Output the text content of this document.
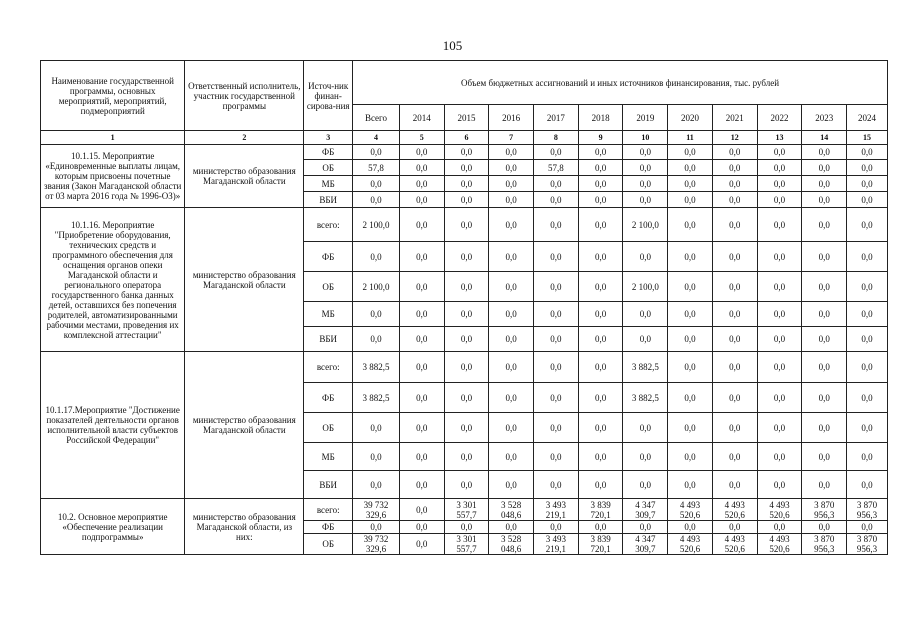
105
Наименование государственной программы, основных мероприятий, мероприятий, подмероприятий	Ответственный исполнитель, участник государственной программы	Источ-ник финан-сирова-ния	Объем бюджетных ассигнований и иных источников финансирования, тыс. рублей											
			Всего	2014	2015	2016	2017	2018	2019	2020	2021	2022	2023	2024
1	2	3	4	5	6	7	8	9	10	11	12	13	14	15
10.1.15. Мероприятие «Единовременные выплаты лицам, которым присвоены почетные звания (Закон Магаданской области от 03 марта 2016 года № 1996-ОЗ)»	министерство образования Магаданской области	ФБ	0,0	0,0	0,0	0,0	0,0	0,0	0,0	0,0	0,0	0,0	0,0	0,0
		ОБ	57,8	0,0	0,0	0,0	57,8	0,0	0,0	0,0	0,0	0,0	0,0	0,0
		МБ	0,0	0,0	0,0	0,0	0,0	0,0	0,0	0,0	0,0	0,0	0,0	0,0
		ВБИ	0,0	0,0	0,0	0,0	0,0	0,0	0,0	0,0	0,0	0,0	0,0	0,0
10.1.16. Мероприятие "Приобретение оборудования, технических средств и программного обеспечения для оснащения органов опеки Магаданской области и регионального оператора государственного банка данных детей, оставшихся без попечения родителей, автоматизированными рабочими местами, проведения их комплексной аттестации"	министерство образования Магаданской области	всего:	2 100,0	0,0	0,0	0,0	0,0	0,0	2 100,0	0,0	0,0	0,0	0,0	0,0
		ФБ	0,0	0,0	0,0	0,0	0,0	0,0	0,0	0,0	0,0	0,0	0,0	0,0
		ОБ	2 100,0	0,0	0,0	0,0	0,0	0,0	2 100,0	0,0	0,0	0,0	0,0	0,0
		МБ	0,0	0,0	0,0	0,0	0,0	0,0	0,0	0,0	0,0	0,0	0,0	0,0
		ВБИ	0,0	0,0	0,0	0,0	0,0	0,0	0,0	0,0	0,0	0,0	0,0	0,0
10.1.17.Мероприятие "Достижение показателей деятельности органов исполнительной власти субъектов Российской Федерации"	министерство образования Магаданской области	всего:	3 882,5	0,0	0,0	0,0	0,0	0,0	3 882,5	0,0	0,0	0,0	0,0	0,0
		ФБ	3 882,5	0,0	0,0	0,0	0,0	0,0	3 882,5	0,0	0,0	0,0	0,0	0,0
		ОБ	0,0	0,0	0,0	0,0	0,0	0,0	0,0	0,0	0,0	0,0	0,0	0,0
		МБ	0,0	0,0	0,0	0,0	0,0	0,0	0,0	0,0	0,0	0,0	0,0	0,0
		ВБИ	0,0	0,0	0,0	0,0	0,0	0,0	0,0	0,0	0,0	0,0	0,0	0,0
10.2. Основное мероприятие «Обеспечение реализации подпрограммы»	министерство образования Магаданской области, из них:	всего:	39 732 329,6	0,0	3 301 557,7	3 528 048,6	3 493 219,1	3 839 720,1	4 347 309,7	4 493 520,6	4 493 520,6	4 493 520,6	3 870 956,3	3 870 956,3
		ФБ	0,0	0,0	0,0	0,0	0,0	0,0	0,0	0,0	0,0	0,0	0,0	0,0
		ОБ	39 732 329,6	0,0	3 301 557,7	3 528 048,6	3 493 219,1	3 839 720,1	4 347 309,7	4 493 520,6	4 493 520,6	4 493 520,6	3 870 956,3	3 870 956,3
